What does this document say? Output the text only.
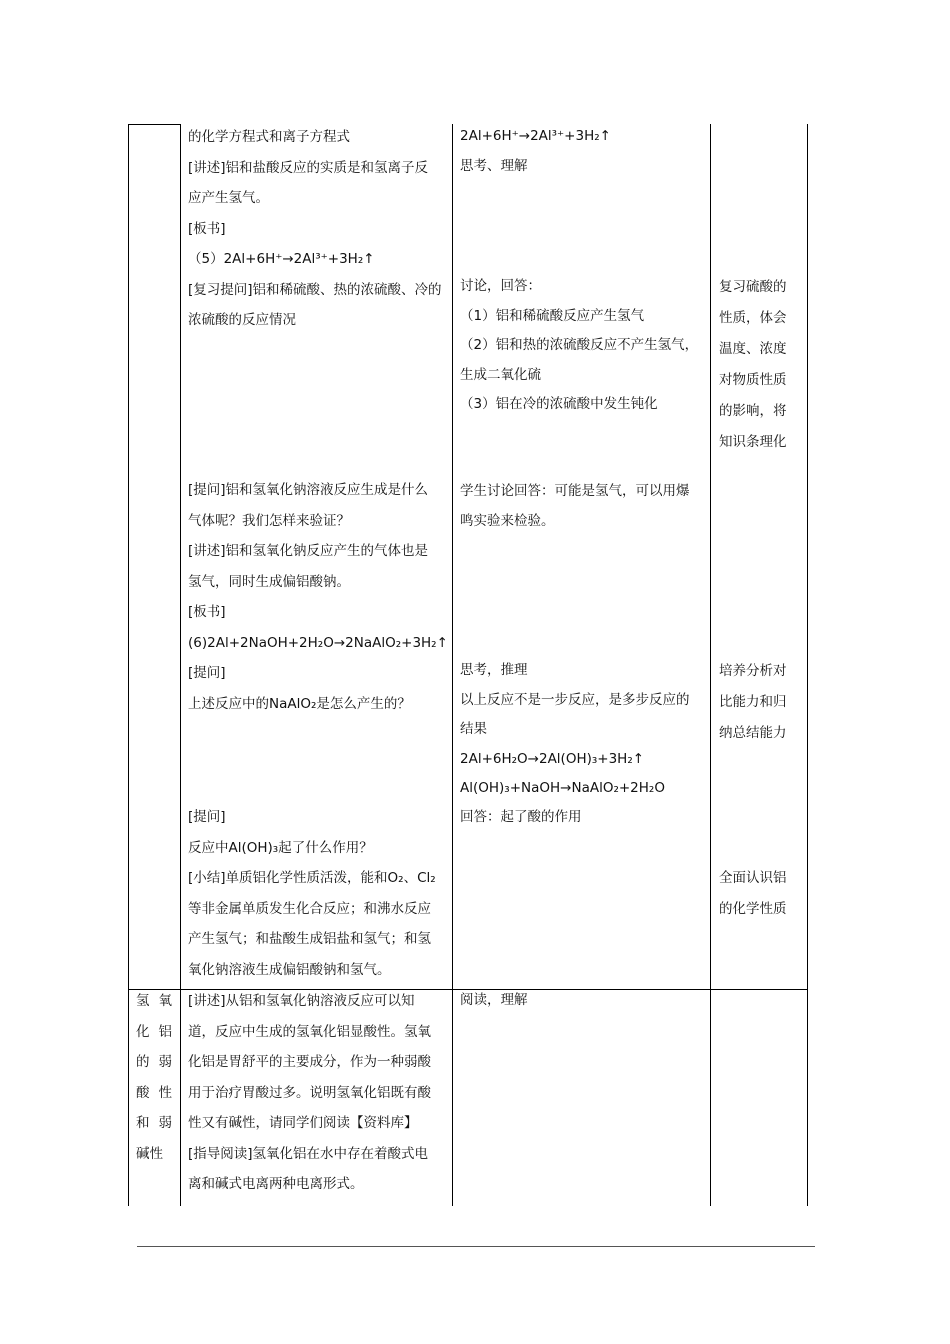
氢 氧
化 铝
的 弱
酸 性
和 弱
碱性
的化学方程式和离子方程式
[讲述]铝和盐酸反应的实质是和氢离子反
应产生氢气。
[板书]
（5）2Al+6H⁺→2Al³⁺+3H₂↑
[复习提问]铝和稀硫酸、热的浓硫酸、冷的
浓硫酸的反应情况
[提问]铝和氢氧化钠溶液反应生成是什么
气体呢？我们怎样来验证？
[讲述]铝和氢氧化钠反应产生的气体也是
氢气，同时生成偏铝酸钠。
[板书]
(6)2Al+2NaOH+2H₂O→2NaAlO₂+3H₂↑
[提问]
上述反应中的NaAlO₂是怎么产生的？
[提问]
反应中Al(OH)₃起了什么作用？
[小结]单质铝化学性质活泼，能和O₂、Cl₂
等非金属单质发生化合反应；和沸水反应
产生氢气；和盐酸生成铝盐和氢气；和氢
氧化钠溶液生成偏铝酸钠和氢气。
[讲述]从铝和氢氧化钠溶液反应可以知
道，反应中生成的氢氧化铝显酸性。氢氧
化铝是胃舒平的主要成分，作为一种弱酸
用于治疗胃酸过多。说明氢氧化铝既有酸
性又有碱性，请同学们阅读【资料库】
[指导阅读]氢氧化铝在水中存在着酸式电
离和碱式电离两种电离形式。
2Al+6H⁺→2Al³⁺+3H₂↑
思考、理解
讨论，回答：
（1）铝和稀硫酸反应产生氢气
（2）铝和热的浓硫酸反应不产生氢气，
生成二氧化硫
（3）铝在冷的浓硫酸中发生钝化
学生讨论回答：可能是氢气，可以用爆
鸣实验来检验。
思考，推理
以上反应不是一步反应，是多步反应的
结果
2Al+6H₂O→2Al(OH)₃+3H₂↑
Al(OH)₃+NaOH→NaAlO₂+2H₂O
回答：起了酸的作用
阅读，理解
复习硫酸的
性质，体会
温度、浓度
对物质性质
的影响，将
知识条理化
培养分析对
比能力和归
纳总结能力
全面认识铝
的化学性质
